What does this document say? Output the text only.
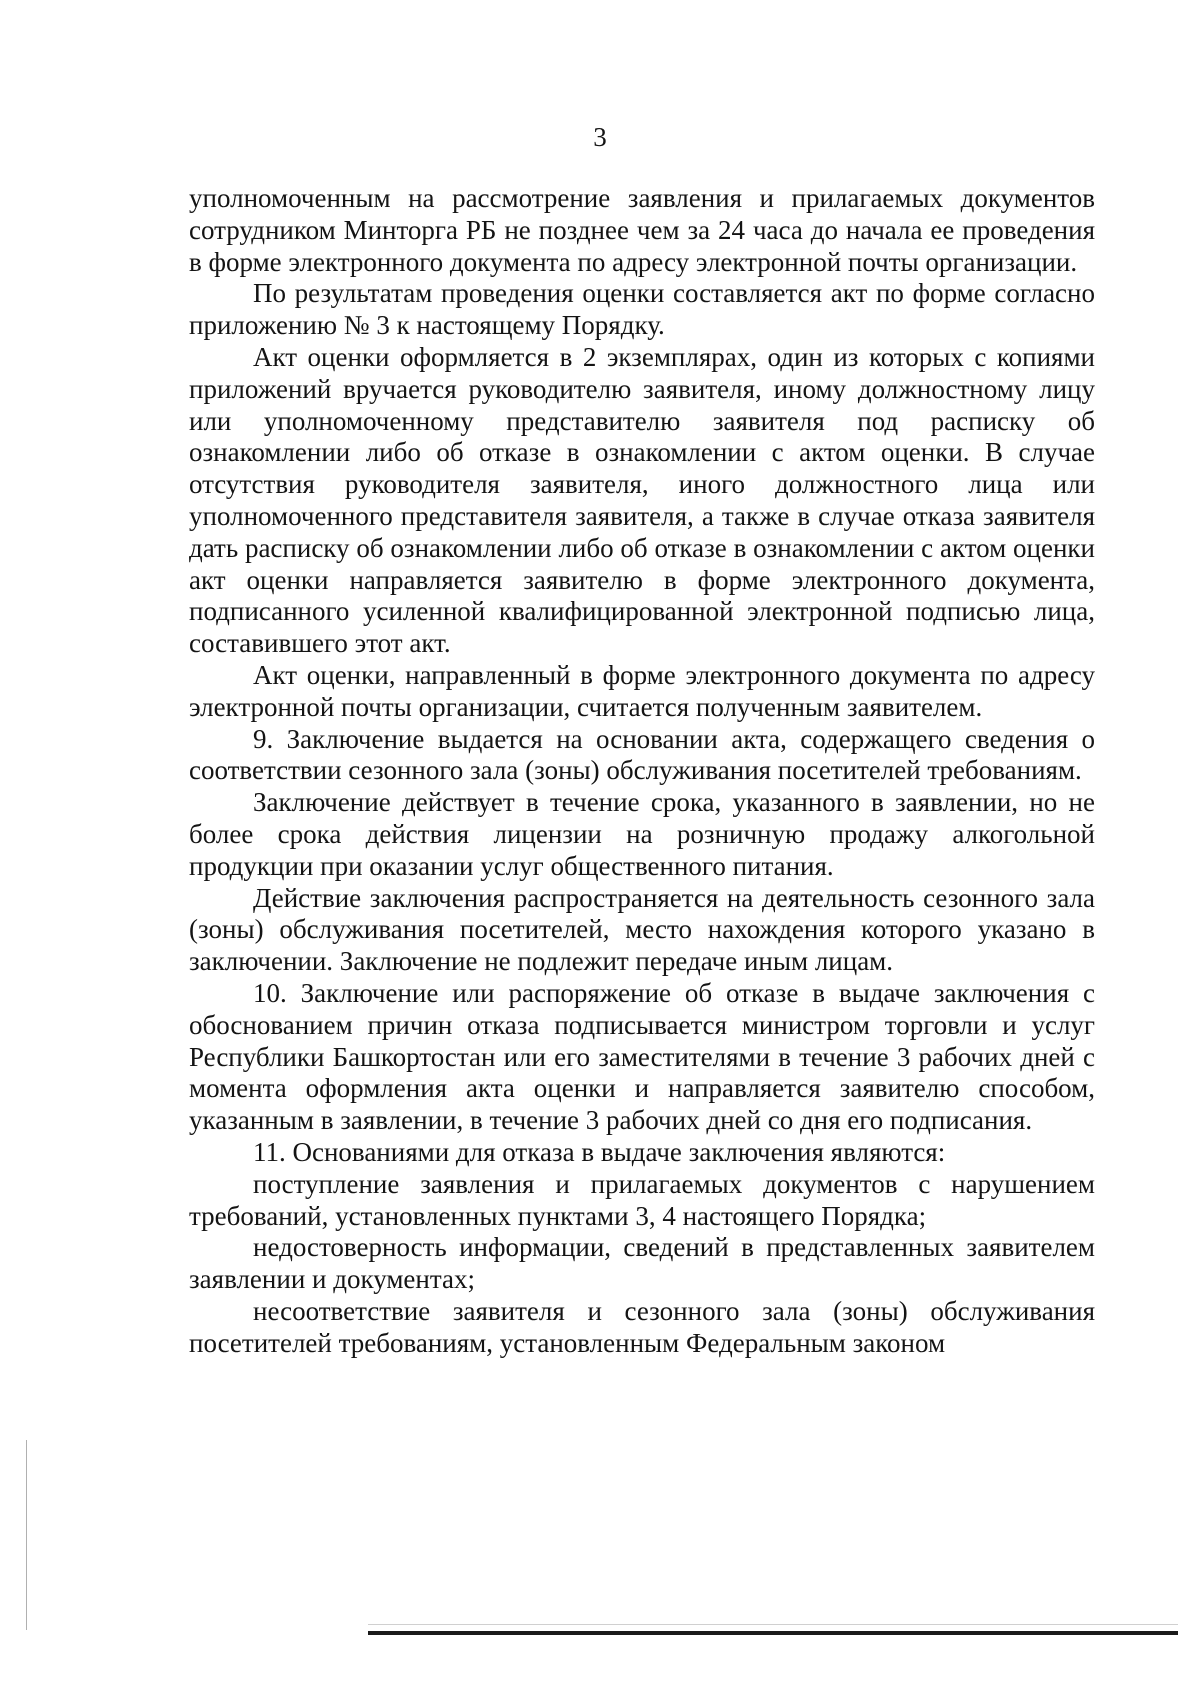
3

уполномоченным на рассмотрение заявления и прилагаемых документов сотрудником Минторга РБ не позднее чем за 24 часа до начала ее проведения в форме электронного документа по адресу электронной почты организации.

По результатам проведения оценки составляется акт по форме согласно приложению № 3 к настоящему Порядку.

Акт оценки оформляется в 2 экземплярах, один из которых с копиями приложений вручается руководителю заявителя, иному должностному лицу или уполномоченному представителю заявителя под расписку об ознакомлении либо об отказе в ознакомлении с актом оценки. В случае отсутствия руководителя заявителя, иного должностного лица или уполномоченного представителя заявителя, а также в случае отказа заявителя дать расписку об ознакомлении либо об отказе в ознакомлении с актом оценки акт оценки направляется заявителю в форме электронного документа, подписанного усиленной квалифицированной электронной подписью лица, составившего этот акт.

Акт оценки, направленный в форме электронного документа по адресу электронной почты организации, считается полученным заявителем.

9. Заключение выдается на основании акта, содержащего сведения о соответствии сезонного зала (зоны) обслуживания посетителей требованиям.

Заключение действует в течение срока, указанного в заявлении, но не более срока действия лицензии на розничную продажу алкогольной продукции при оказании услуг общественного питания.

Действие заключения распространяется на деятельность сезонного зала (зоны) обслуживания посетителей, место нахождения которого указано в заключении. Заключение не подлежит передаче иным лицам.

10. Заключение или распоряжение об отказе в выдаче заключения с обоснованием причин отказа подписывается министром торговли и услуг Республики Башкортостан или его заместителями в течение 3 рабочих дней с момента оформления акта оценки и направляется заявителю способом, указанным в заявлении, в течение 3 рабочих дней со дня его подписания.

11. Основаниями для отказа в выдаче заключения являются:

поступление заявления и прилагаемых документов с нарушением требований, установленных пунктами 3, 4 настоящего Порядка;

недостоверность информации, сведений в представленных заявителем заявлении и документах;

несоответствие заявителя и сезонного зала (зоны) обслуживания посетителей требованиям, установленным Федеральным законом
